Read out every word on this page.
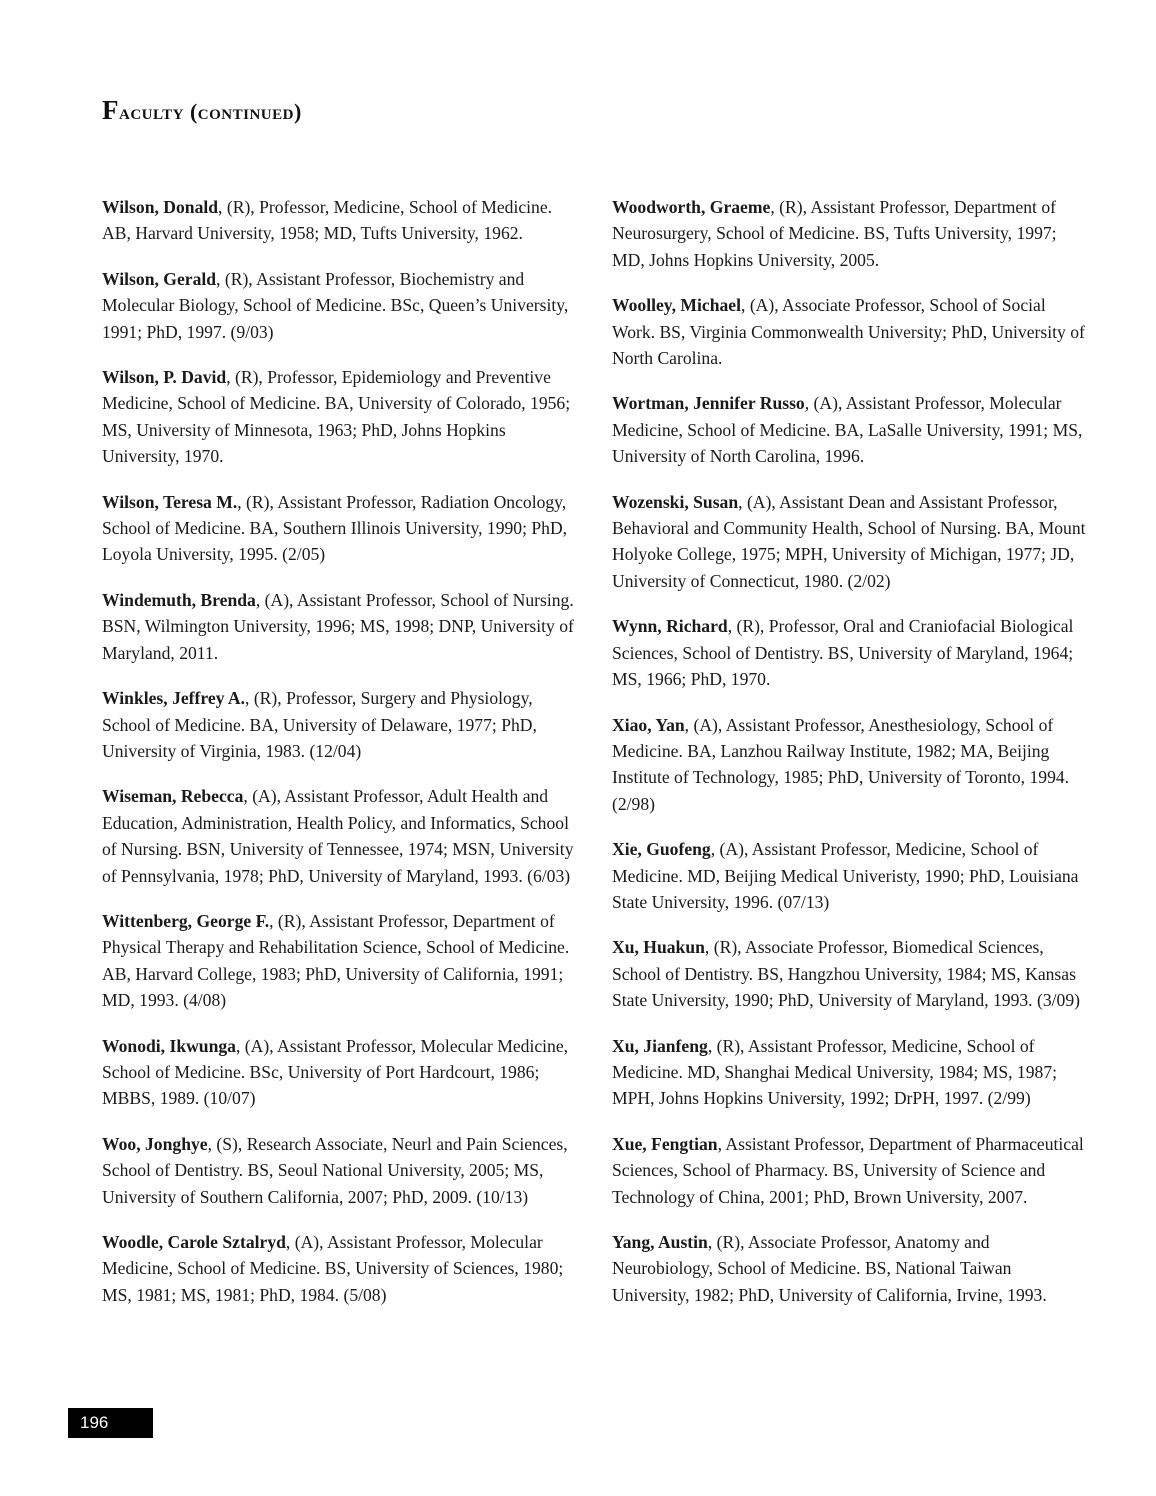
Faculty (continued)

Wilson, Donald, (R), Professor, Medicine, School of Medicine. AB, Harvard University, 1958; MD, Tufts University, 1962.

Wilson, Gerald, (R), Assistant Professor, Biochemistry and Molecular Biology, School of Medicine. BSc, Queen’s University, 1991; PhD, 1997. (9/03)

Wilson, P. David, (R), Professor, Epidemiology and Preventive Medicine, School of Medicine. BA, University of Colorado, 1956; MS, University of Minnesota, 1963; PhD, Johns Hopkins University, 1970.

Wilson, Teresa M., (R), Assistant Professor, Radiation Oncology, School of Medicine. BA, Southern Illinois University, 1990; PhD, Loyola University, 1995. (2/05)

Windemuth, Brenda, (A), Assistant Professor, School of Nursing. BSN, Wilmington University, 1996; MS, 1998; DNP, University of Maryland, 2011.

Winkles, Jeffrey A., (R), Professor, Surgery and Physiology, School of Medicine. BA, University of Delaware, 1977; PhD, University of Virginia, 1983. (12/04)

Wiseman, Rebecca, (A), Assistant Professor, Adult Health and Education, Administration, Health Policy, and Informatics, School of Nursing. BSN, University of Tennessee, 1974; MSN, University of Pennsylvania, 1978; PhD, University of Maryland, 1993. (6/03)

Wittenberg, George F., (R), Assistant Professor, Department of Physical Therapy and Rehabilitation Science, School of Medicine. AB, Harvard College, 1983; PhD, University of California, 1991; MD, 1993. (4/08)

Wonodi, Ikwunga, (A), Assistant Professor, Molecular Medicine, School of Medicine. BSc, University of Port Hardcourt, 1986; MBBS, 1989. (10/07)

Woo, Jonghye, (S), Research Associate, Neurl and Pain Sciences, School of Dentistry. BS, Seoul National University, 2005; MS, University of Southern California, 2007; PhD, 2009. (10/13)

Woodle, Carole Sztalryd, (A), Assistant Professor, Molecular Medicine, School of Medicine. BS, University of Sciences, 1980; MS, 1981; MS, 1981; PhD, 1984. (5/08)

Woodworth, Graeme, (R), Assistant Professor, Department of Neurosurgery, School of Medicine. BS, Tufts University, 1997; MD, Johns Hopkins University, 2005.

Woolley, Michael, (A), Associate Professor, School of Social Work. BS, Virginia Commonwealth University; PhD, University of North Carolina.

Wortman, Jennifer Russo, (A), Assistant Professor, Molecular Medicine, School of Medicine. BA, LaSalle University, 1991; MS, University of North Carolina, 1996.

Wozenski, Susan, (A), Assistant Dean and Assistant Professor, Behavioral and Community Health, School of Nursing. BA, Mount Holyoke College, 1975; MPH, University of Michigan, 1977; JD, University of Connecticut, 1980. (2/02)

Wynn, Richard, (R), Professor, Oral and Craniofacial Biological Sciences, School of Dentistry. BS, University of Maryland, 1964; MS, 1966; PhD, 1970.

Xiao, Yan, (A), Assistant Professor, Anesthesiology, School of Medicine. BA, Lanzhou Railway Institute, 1982; MA, Beijing Institute of Technology, 1985; PhD, University of Toronto, 1994. (2/98)

Xie, Guofeng, (A), Assistant Professor, Medicine, School of Medicine. MD, Beijing Medical Univeristy, 1990; PhD, Louisiana State University, 1996. (07/13)

Xu, Huakun, (R), Associate Professor, Biomedical Sciences, School of Dentistry. BS, Hangzhou University, 1984; MS, Kansas State University, 1990; PhD, University of Maryland, 1993. (3/09)

Xu, Jianfeng, (R), Assistant Professor, Medicine, School of Medicine. MD, Shanghai Medical University, 1984; MS, 1987; MPH, Johns Hopkins University, 1992; DrPH, 1997. (2/99)

Xue, Fengtian, Assistant Professor, Department of Pharmaceutical Sciences, School of Pharmacy. BS, University of Science and Technology of China, 2001; PhD, Brown University, 2007.

Yang, Austin, (R), Associate Professor, Anatomy and Neurobiology, School of Medicine. BS, National Taiwan University, 1982; PhD, University of California, Irvine, 1993.

196
